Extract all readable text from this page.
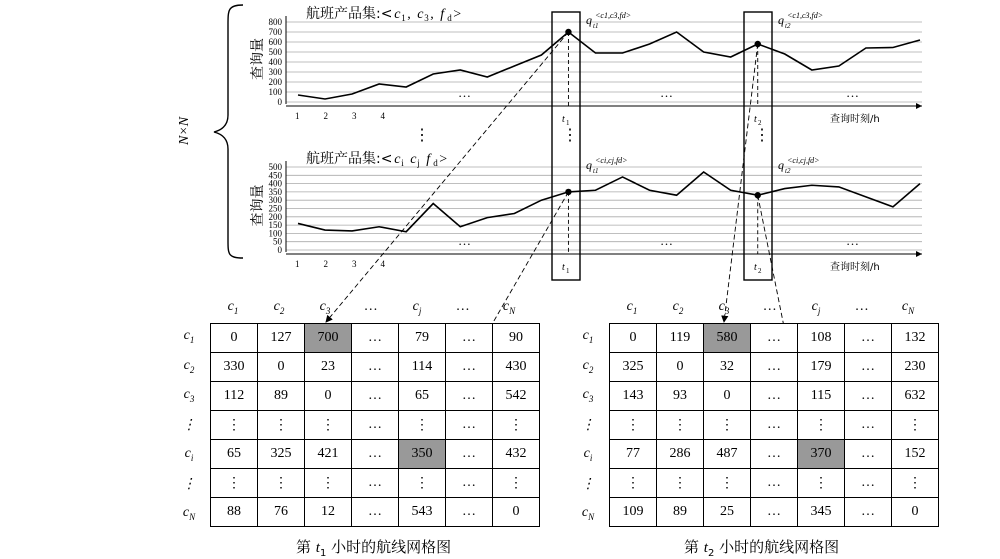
N×N
0
100
200
300
400
500
600
700
800
1	2	3	4
…	…	…
t 1	t 2	查询时刻/h
查询量
航班产品集:< c 1 , c 3 , f d >	q t1
<c1,c3,fd>	q t2
<c1,c3,fd>
0
50
100
150
200
250
300
350
400
450
500
1	2	3	4
…	…	…
t 1	t 2	查询时刻/h
查询量
航班产品集:< c i c j f d >	q t1
<ci,cj,fd>	q t2
<ci,cj,fd>
⋮	⋮	⋮
$c_1$	$c_2$	$c_3$	…	$c_j$	…	$c_N$
$c_1$
$c_2$
$c_3$
⋮
$c_i$
⋮
$c_N$
0	127	700	…	79	…	90
330	0	23	…	114	…	430
112	89	0	…	65	…	542
⋮	⋮	⋮	…	⋮	…	⋮
65	325	421	…	350	…	432
⋮	⋮	⋮	…	⋮	…	⋮
88	76	12	…	543	…	0
$c_1$	$c_2$	$c_3$	…	$c_j$	…	$c_N$
$c_1$
$c_2$
$c_3$
⋮
$c_i$
⋮
$c_N$
0	119	580	…	108	…	132
325	0	32	…	179	…	230
143	93	0	…	115	…	632
⋮	⋮	⋮	…	⋮	…	⋮
77	286	487	…	370	…	152
⋮	⋮	⋮	…	⋮	…	⋮
109	89	25	…	345	…	0
第 $t_1$ 小时的航线网格图	第 $t_2$ 小时的航线网格图
